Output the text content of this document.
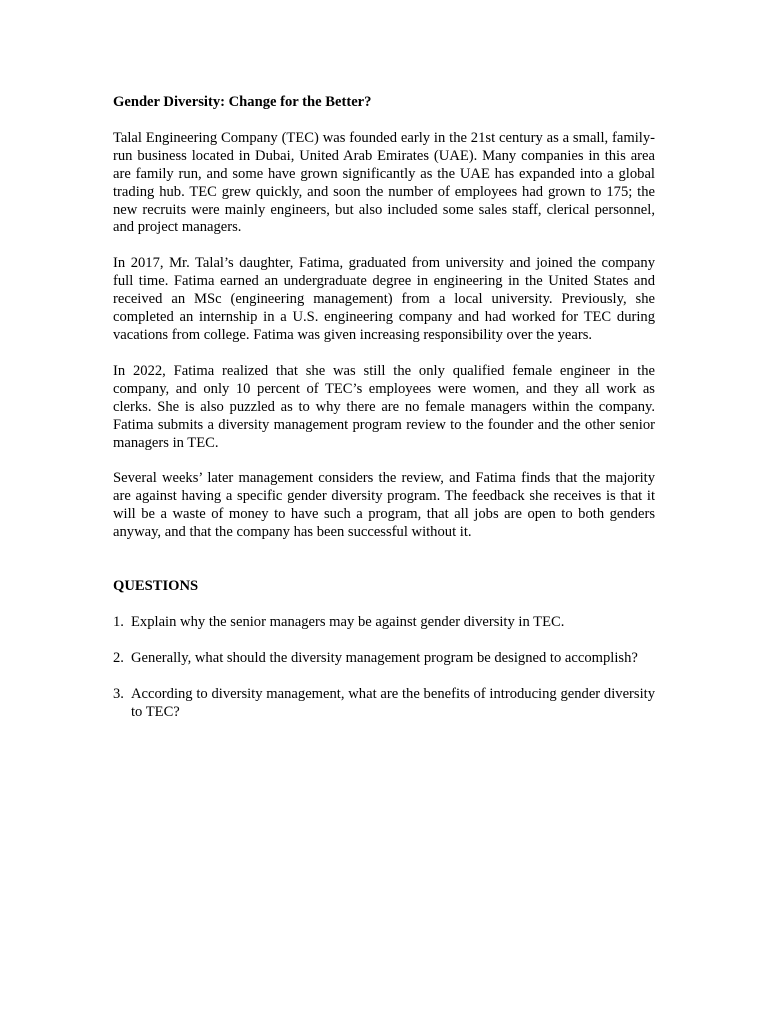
Gender Diversity: Change for the Better?

Talal Engineering Company (TEC) was founded early in the 21st century as a small, family-run business located in Dubai, United Arab Emirates (UAE). Many companies in this area are family run, and some have grown significantly as the UAE has expanded into a global trading hub. TEC grew quickly, and soon the number of employees had grown to 175; the new recruits were mainly engineers, but also included some sales staff, clerical personnel, and project managers.

In 2017, Mr. Talal’s daughter, Fatima, graduated from university and joined the company full time. Fatima earned an undergraduate degree in engineering in the United States and received an MSc (engineering management) from a local university. Previously, she completed an internship in a U.S. engineering company and had worked for TEC during vacations from college. Fatima was given increasing responsibility over the years.

In 2022, Fatima realized that she was still the only qualified female engineer in the company, and only 10 percent of TEC’s employees were women, and they all work as clerks. She is also puzzled as to why there are no female managers within the company. Fatima submits a diversity management program review to the founder and the other senior managers in TEC.

Several weeks’ later management considers the review, and Fatima finds that the majority are against having a specific gender diversity program. The feedback she receives is that it will be a waste of money to have such a program, that all jobs are open to both genders anyway, and that the company has been successful without it.

QUESTIONS

1. Explain why the senior managers may be against gender diversity in TEC.
2. Generally, what should the diversity management program be designed to accomplish?
3. According to diversity management, what are the benefits of introducing gender diversity to TEC?
